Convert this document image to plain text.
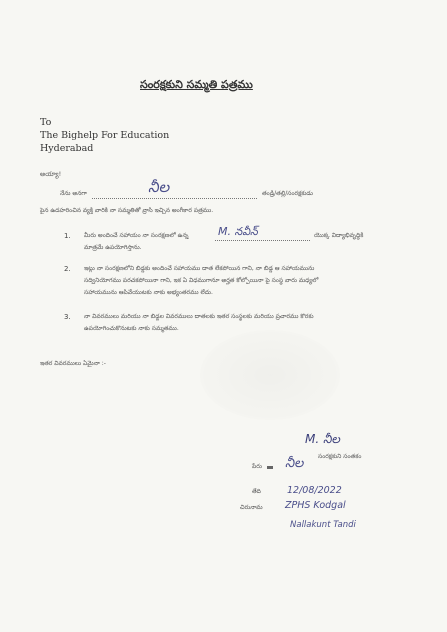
సంరక్షకుని సమ్మతి పత్రము
To
The Bighelp For Education
Hyderabad
అయ్యా!
నేను అనగా	నీల	తండ్రి/తల్లి/సంరక్షకుడు
పైన ఉదహరించిన వ్యక్తి వారికి నా సమ్మతితో వ్రాసి ఇచ్చిన అంగీకార పత్రము.
1. మీరు అందించే సహాయం నా సంరక్షణలో ఉన్న	M. నవీన్	యొక్క విద్యాభివృద్ధికి
మాత్రమే ఉపయోగిస్తాను.
2. ఇట్లు నా సంరక్షణలోని బిడ్డకు అందించే సహాయము దాత లేకపోయిన గాని, నా బిడ్డ ఆ సహాయమును
సద్వినియోగము పరచకపోయినా గాని, ఇక ఏ విధముగానూ అర్హత కోల్పోయినా పై సంస్థ వారు మధ్యలో
సహాయమును ఆపివేయుటకు నాకు అభ్యంతరము లేదు.
3. నా వివరములు మరియు నా బిడ్డల వివరములు దాతలకు ఇతర సంస్థలకు మరియు ప్రచారము కొరకు
ఉపయోగించుకొనుటకు నాకు సమ్మతము.
ఇతర వివరములు ఏమైనా :-
M. నీల
సంరక్షకుని సంతకం
పేరు నీల
తేది	12/08/2022
చిరునామ ZPHS Kodgal
Nallakunt Tandi
